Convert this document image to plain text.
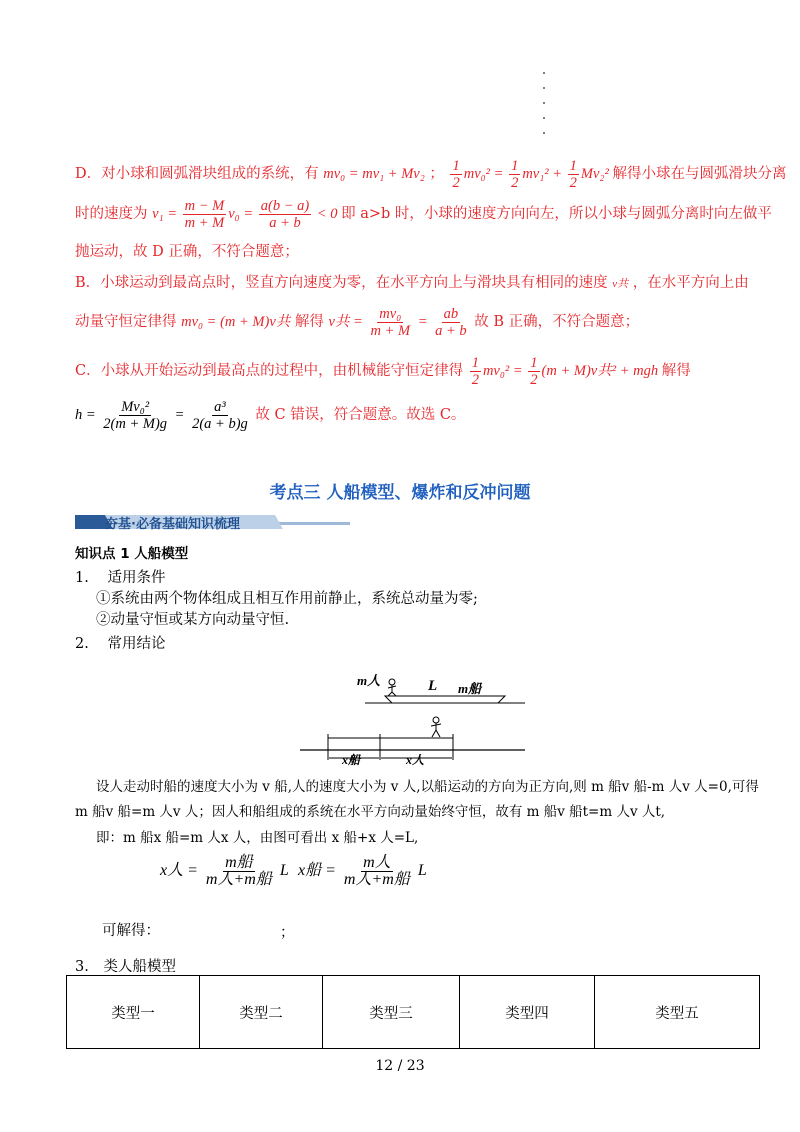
D．对小球和圆弧滑块组成的系统，有 mv₀ = mv₁ + Mv₂ ； $\frac{1}{2} mv_0^2 = \frac{1}{2} mv_1^2 + \frac{1}{2} Mv_2^2$ 解得小球在与圆弧滑块分离
时的速度为 $v_1 = \frac{m - M}{m + M} v_0 = \frac{a(b - a)}{a + b} < 0$ 即 a>b 时，小球的速度方向向左，所以小球与圆弧分离时向左做平
抛运动，故 D 正确，不符合题意；
B．小球运动到最高点时，竖直方向速度为零，在水平方向上与滑块具有相同的速度 v共 ，在水平方向上由
动量守恒定律得 mv₀ = (m + M)v共 解得 v共 = $\frac{\text{mv₀}}{m + M} = \frac{ab}{a + b}$ 故 B 正确，不符合题意；
C．小球从开始运动到最高点的过程中，由机械能守恒定律得 $\frac{1}{2} mv_0^2 = \frac{1}{2} (m + M)v$共² + mgh 解得
$h = \frac{\text{Mv₀²}}{2(m + M)g} = \frac{\text{a³}}{2(a + b)g}$ 故 C 错误，符合题意。故选 C。
考点三 人船模型、爆炸和反冲问题
夯基·必备基础知识梳理
知识点 1 人船模型
1. 适用条件
①系统由两个物体组成且相互作用前静止，系统总动量为零;
②动量守恒或某方向动量守恒.
2. 常用结论
m人	L m船
x船	x人
设人走动时船的速度大小为 v 船,人的速度大小为 v 人,以船运动的方向为正方向,则 m 船v 船-m 人v 人=0,可得
m 船v 船=m 人v 人；因人和船组成的系统在水平方向动量始终守恒，故有 m 船v 船t=m 人v 人t,
即：m 船x 船=m 人x 人，由图可看出 x 船+x 人=L,
x人 = $\frac{\text{m船}}{\text{m人+m船}}$ L x船 = $\frac{\text{m人}}{\text{m人+m船}}$ L
可解得：	；
3. 类人船模型
类型一	类型二	类型三	类型四	类型五
12 / 23
